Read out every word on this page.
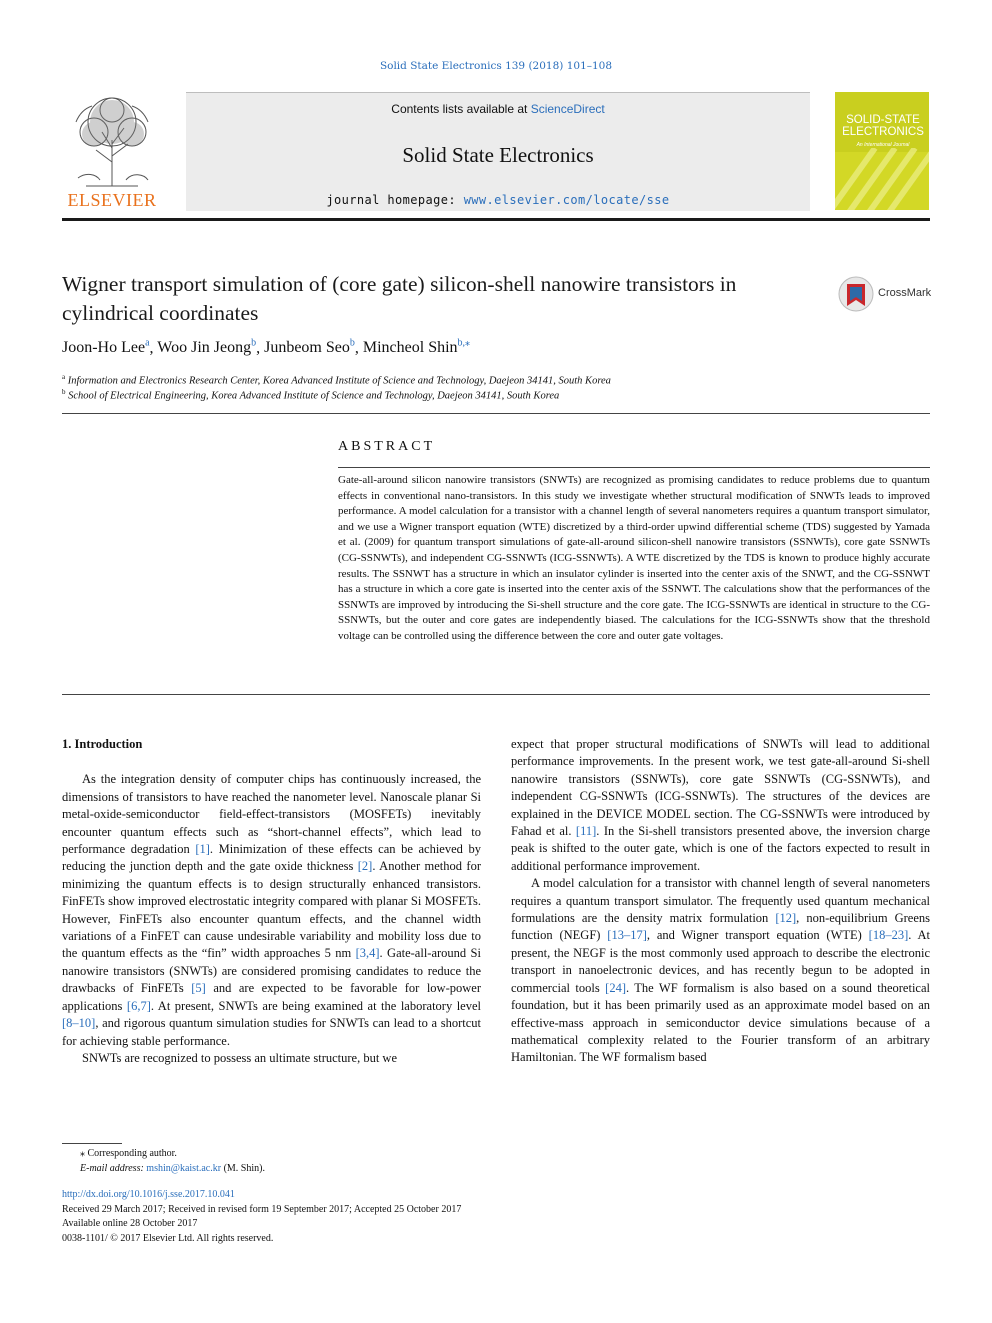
Solid State Electronics 139 (2018) 101–108
ELSEVIER
Contents lists available at ScienceDirect
Solid State Electronics
journal homepage: www.elsevier.com/locate/sse
SOLID-STATE ELECTRONICS
An International Journal
Wigner transport simulation of (core gate) silicon-shell nanowire transistors in cylindrical coordinates
CrossMark
Joon-Ho Lee$^a$, Woo Jin Jeong$^b$, Junbeom Seo$^b$, Mincheol Shin$^{b,⁎}$
$^a$ Information and Electronics Research Center, Korea Advanced Institute of Science and Technology, Daejeon 34141, South Korea
$^b$ School of Electrical Engineering, Korea Advanced Institute of Science and Technology, Daejeon 34141, South Korea
ABSTRACT
Gate-all-around silicon nanowire transistors (SNWTs) are recognized as promising candidates to reduce problems due to quantum effects in conventional nano-transistors. In this study we investigate whether structural modification of SNWTs leads to improved performance. A model calculation for a transistor with a channel length of several nanometers requires a quantum transport simulator, and we use a Wigner transport equation (WTE) discretized by a third-order upwind differential scheme (TDS) suggested by Yamada et al. (2009) for quantum transport simulations of gate-all-around silicon-shell nanowire transistors (SSNWTs), core gate SSNWTs (CG-SSNWTs), and independent CG-SSNWTs (ICG-SSNWTs). A WTE discretized by the TDS is known to produce highly accurate results. The SSNWT has a structure in which an insulator cylinder is inserted into the center axis of the SNWT, and the CG-SSNWT has a structure in which a core gate is inserted into the center axis of the SSNWT. The calculations show that the performances of the SSNWTs are improved by introducing the Si-shell structure and the core gate. The ICG-SSNWTs are identical in structure to the CG-SSNWTs, but the outer and core gates are independently biased. The calculations for the ICG-SSNWTs show that the threshold voltage can be controlled using the difference between the core and outer gate voltages.
1. Introduction

As the integration density of computer chips has continuously increased, the dimensions of transistors to have reached the nanometer level. Nanoscale planar Si metal-oxide-semiconductor field-effect-transistors (MOSFETs) inevitably encounter quantum effects such as “short-channel effects”, which lead to performance degradation [1]. Minimization of these effects can be achieved by reducing the junction depth and the gate oxide thickness [2]. Another method for minimizing the quantum effects is to design structurally enhanced transistors. FinFETs show improved electrostatic integrity compared with planar Si MOSFETs. However, FinFETs also encounter quantum effects, and the channel width variations of a FinFET can cause undesirable variability and mobility loss due to the quantum effects as the “fin” width approaches 5 nm [3,4]. Gate-all-around Si nanowire transistors (SNWTs) are considered promising candidates to reduce the drawbacks of FinFETs [5] and are expected to be favorable for low-power applications [6,7]. At present, SNWTs are being examined at the laboratory level [8–10], and rigorous quantum simulation studies for SNWTs can lead to a shortcut for achieving stable performance.

SNWTs are recognized to possess an ultimate structure, but we

expect that proper structural modifications of SNWTs will lead to additional performance improvements. In the present work, we test gate-all-around Si-shell nanowire transistors (SSNWTs), core gate SSNWTs (CG-SSNWTs), and independent CG-SSNWTs (ICG-SSNWTs). The structures of the devices are explained in the DEVICE MODEL section. The CG-SSNWTs were introduced by Fahad et al. [11]. In the Si-shell transistors presented above, the inversion charge peak is shifted to the outer gate, which is one of the factors expected to result in additional performance improvement.

A model calculation for a transistor with channel length of several nanometers requires a quantum transport simulator. The frequently used quantum mechanical formulations are the density matrix formulation [12], non-equilibrium Greens function (NEGF) [13–17], and Wigner transport equation (WTE) [18–23]. At present, the NEGF is the most commonly used approach to describe the electronic transport in nanoelectronic devices, and has recently begun to be adopted in commercial tools [24]. The WF formalism is also based on a sound theoretical foundation, but it has been primarily used as an approximate model based on an effective-mass approach in semiconductor device simulations because of a mathematical complexity related to the Fourier transform of an arbitrary Hamiltonian. The WF formalism based

⁎ Corresponding author.
E-mail address: mshin@kaist.ac.kr (M. Shin).
http://dx.doi.org/10.1016/j.sse.2017.10.041
Received 29 March 2017; Received in revised form 19 September 2017; Accepted 25 October 2017
Available online 28 October 2017
0038-1101/ © 2017 Elsevier Ltd. All rights reserved.
